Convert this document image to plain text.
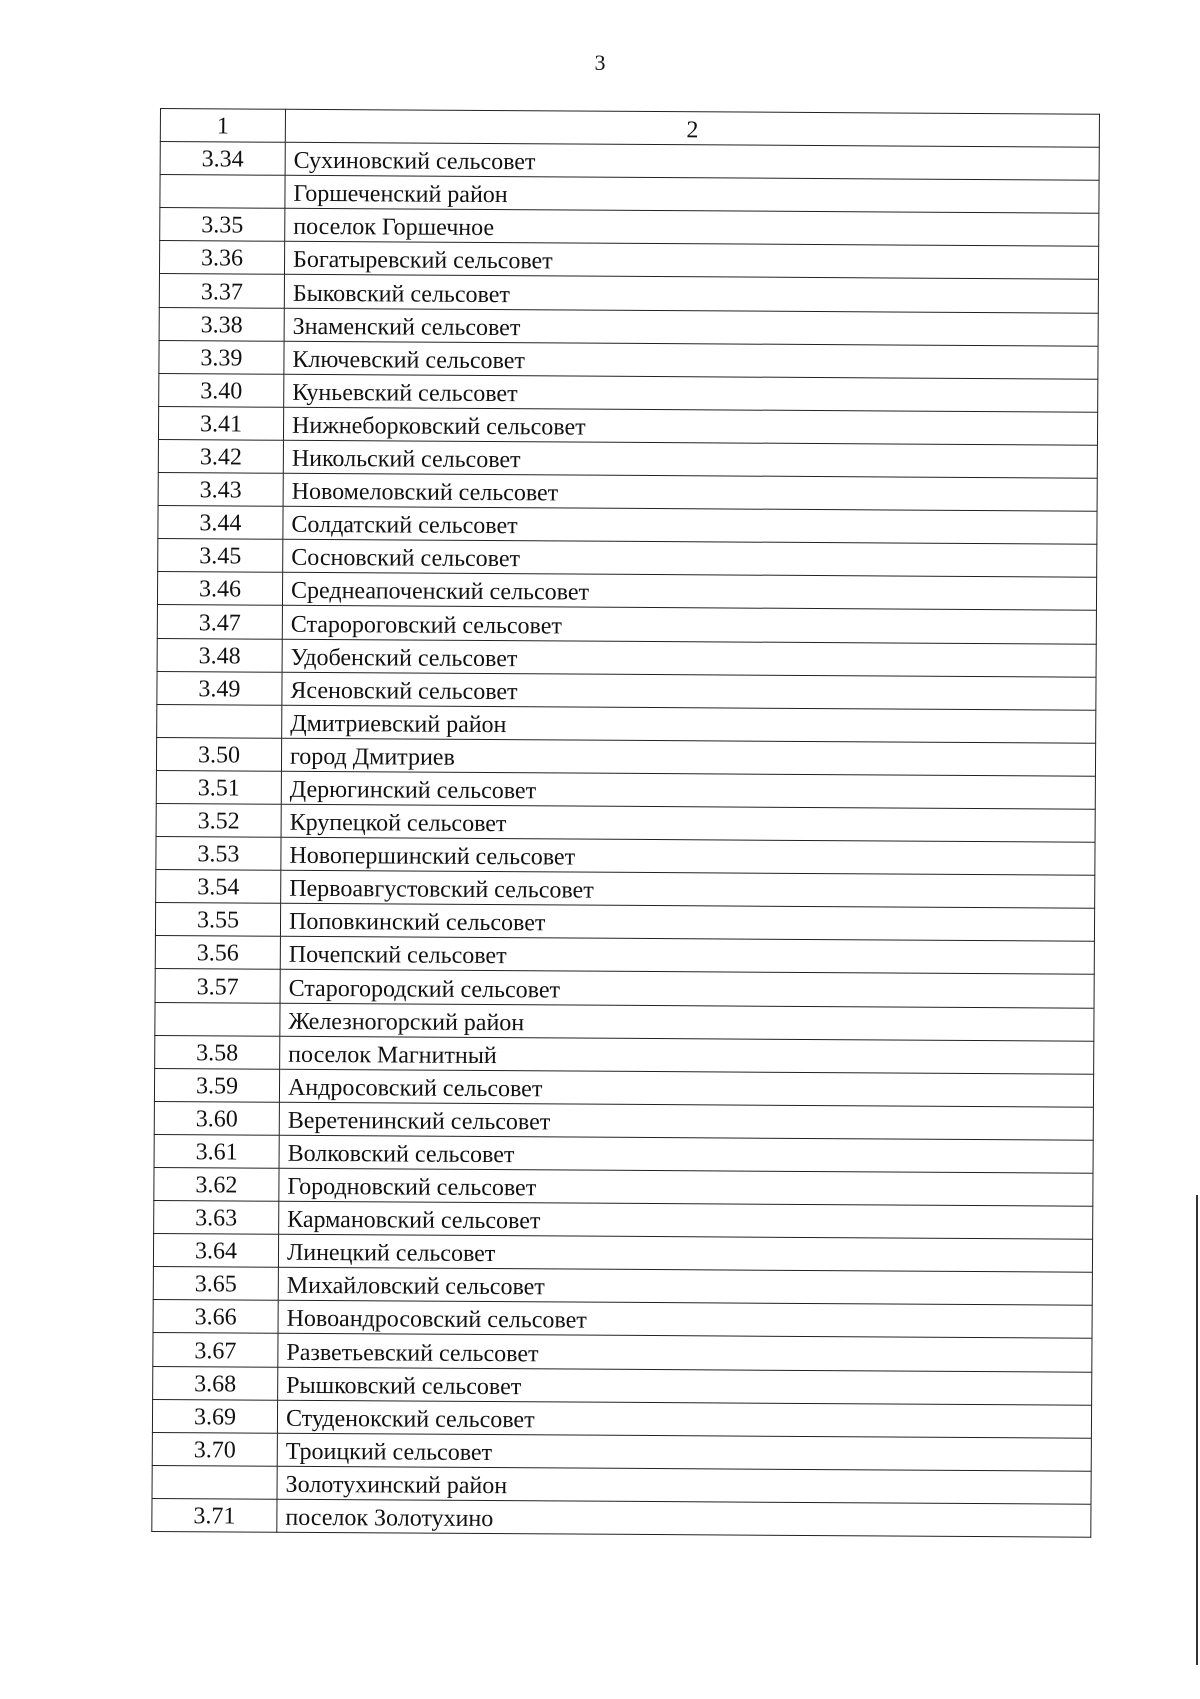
3
1	2
3.34	Сухиновский сельсовет
	Горшеченский район
3.35	поселок Горшечное
3.36	Богатыревский сельсовет
3.37	Быковский сельсовет
3.38	Знаменский сельсовет
3.39	Ключевский сельсовет
3.40	Куньевский сельсовет
3.41	Нижнеборковский сельсовет
3.42	Никольский сельсовет
3.43	Новомеловский сельсовет
3.44	Солдатский сельсовет
3.45	Сосновский сельсовет
3.46	Среднеапоченский сельсовет
3.47	Старороговский сельсовет
3.48	Удобенский сельсовет
3.49	Ясеновский сельсовет
	Дмитриевский район
3.50	город Дмитриев
3.51	Дерюгинский сельсовет
3.52	Крупецкой сельсовет
3.53	Новопершинский сельсовет
3.54	Первоавгустовский сельсовет
3.55	Поповкинский сельсовет
3.56	Почепский сельсовет
3.57	Старогородский сельсовет
	Железногорский район
3.58	поселок Магнитный
3.59	Андросовский сельсовет
3.60	Веретенинский сельсовет
3.61	Волковский сельсовет
3.62	Городновский сельсовет
3.63	Кармановский сельсовет
3.64	Линецкий сельсовет
3.65	Михайловский сельсовет
3.66	Новоандросовский сельсовет
3.67	Разветьевский сельсовет
3.68	Рышковский сельсовет
3.69	Студенокский сельсовет
3.70	Троицкий сельсовет
	Золотухинский район
3.71	поселок Золотухино
